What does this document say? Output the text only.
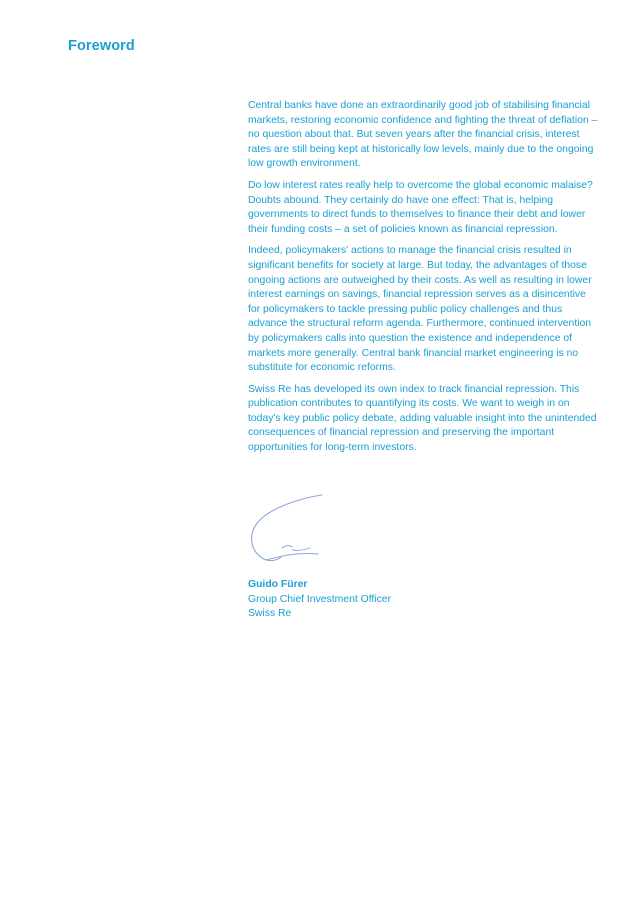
Foreword

Central banks have done an extraordinarily good job of stabilising financial markets, restoring economic confidence and fighting the threat of deflation – no question about that. But seven years after the financial crisis, interest rates are still being kept at historically low levels, mainly due to the ongoing low growth environment.

Do low interest rates really help to overcome the global economic malaise? Doubts abound. They certainly do have one effect: That is, helping governments to direct funds to themselves to finance their debt and lower their funding costs – a set of policies known as financial repression.

Indeed, policymakers' actions to manage the financial crisis resulted in significant benefits for society at large. But today, the advantages of those ongoing actions are outweighed by their costs. As well as resulting in lower interest earnings on savings, financial repression serves as a disincentive for policymakers to tackle pressing public policy challenges and thus advance the structural reform agenda. Furthermore, continued intervention by policymakers calls into question the existence and independence of markets more generally. Central bank financial market engineering is no substitute for economic reforms.

Swiss Re has developed its own index to track financial repression. This publication contributes to quantifying its costs. We want to weigh in on today's key public policy debate, adding valuable insight into the unintended consequences of financial repression and preserving the important opportunities for long-term investors.

Guido Fürer
Group Chief Investment Officer
Swiss Re
